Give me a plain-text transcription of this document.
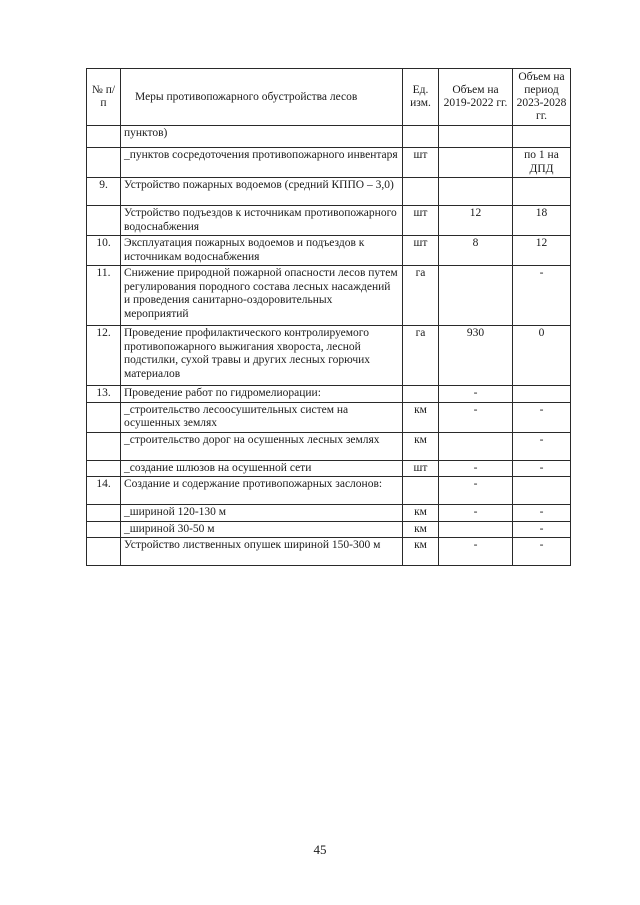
№ п/п	Меры противопожарного обустройства лесов	Ед. изм.	Объем на 2019-2022 гг.	Объем на период 2023-2028 гг.
	пунктов)			
	_пунктов сосредоточения противопожарного инвентаря	шт		по 1 на ДПД
9.	Устройство пожарных водоемов (средний КППО – 3,0)			
	Устройство подъездов к источникам противопожарного водоснабжения	шт	12	18
10.	Эксплуатация пожарных водоемов и подъездов к источникам водоснабжения	шт	8	12
11.	Снижение природной пожарной опасности лесов путем регулирования породного состава лесных насаждений и проведения санитарно-оздоровительных мероприятий	га		-
12.	Проведение профилактического контролируемого противопожарного выжигания хвороста, лесной подстилки, сухой травы и других лесных горючих материалов	га	930	0
13.	Проведение работ по гидромелиорации:		-	
	_строительство лесоосушительных систем на осушенных землях	км	-	-
	_строительство дорог на осушенных лесных землях	км		-
	_создание шлюзов на осушенной сети	шт	-	-
14.	Создание и содержание противопожарных заслонов:		-	
	_шириной 120-130 м	км	-	-
	_шириной 30-50 м	км		-
	Устройство лиственных опушек шириной 150-300 м	км	-	-
45
